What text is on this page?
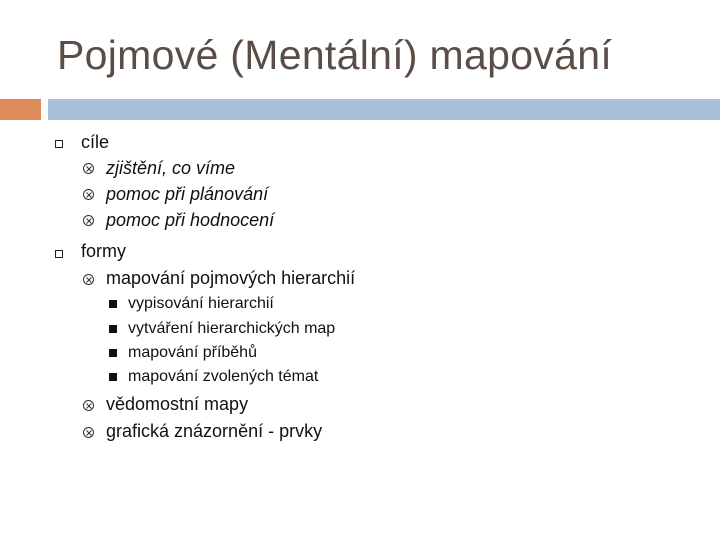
Pojmové (Mentální) mapování
cíle
zjištění, co víme
pomoc při plánování
pomoc při hodnocení
formy
mapování pojmových hierarchií
vypisování hierarchií
vytváření hierarchických map
mapování příběhů
mapování zvolených témat
vědomostní mapy
grafická znázornění - prvky
